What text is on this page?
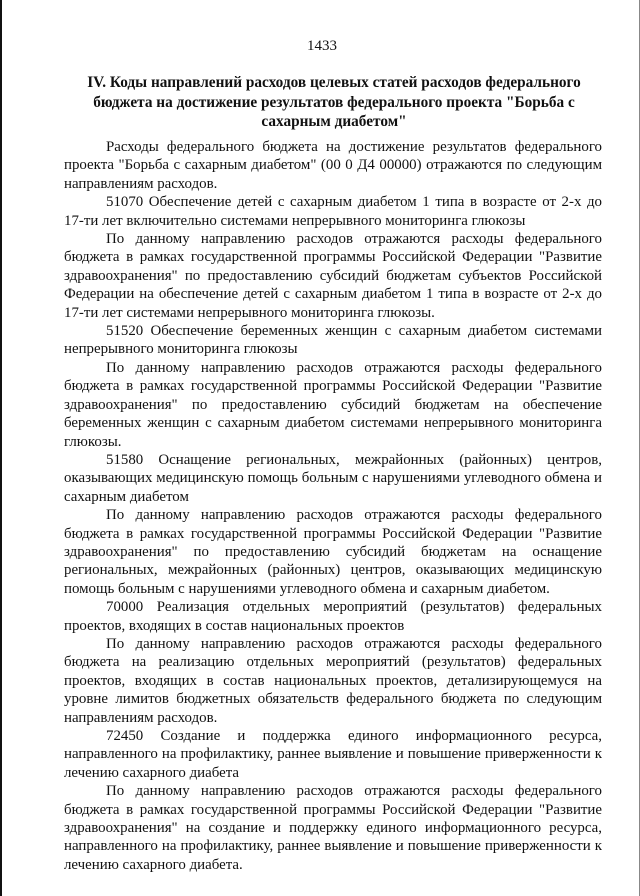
1433
IV. Коды направлений расходов целевых статей расходов федерального бюджета на достижение результатов федерального проекта "Борьба с сахарным диабетом"

Расходы федерального бюджета на достижение результатов федерального проекта "Борьба с сахарным диабетом" (00 0 Д4 00000) отражаются по следующим направлениям расходов.

51070 Обеспечение детей с сахарным диабетом 1 типа в возрасте от 2-х до 17-ти лет включительно системами непрерывного мониторинга глюкозы

По данному направлению расходов отражаются расходы федерального бюджета в рамках государственной программы Российской Федерации "Развитие здравоохранения" по предоставлению субсидий бюджетам субъектов Российской Федерации на обеспечение детей с сахарным диабетом 1 типа в возрасте от 2-х до 17-ти лет системами непрерывного мониторинга глюкозы.

51520 Обеспечение беременных женщин с сахарным диабетом системами непрерывного мониторинга глюкозы

По данному направлению расходов отражаются расходы федерального бюджета в рамках государственной программы Российской Федерации "Развитие здравоохранения" по предоставлению субсидий бюджетам на обеспечение беременных женщин с сахарным диабетом системами непрерывного мониторинга глюкозы.

51580 Оснащение региональных, межрайонных (районных) центров, оказывающих медицинскую помощь больным с нарушениями углеводного обмена и сахарным диабетом

По данному направлению расходов отражаются расходы федерального бюджета в рамках государственной программы Российской Федерации "Развитие здравоохранения" по предоставлению субсидий бюджетам на оснащение региональных, межрайонных (районных) центров, оказывающих медицинскую помощь больным с нарушениями углеводного обмена и сахарным диабетом.

70000 Реализация отдельных мероприятий (результатов) федеральных проектов, входящих в состав национальных проектов

По данному направлению расходов отражаются расходы федерального бюджета на реализацию отдельных мероприятий (результатов) федеральных проектов, входящих в состав национальных проектов, детализирующемуся на уровне лимитов бюджетных обязательств федерального бюджета по следующим направлениям расходов.

72450 Создание и поддержка единого информационного ресурса, направленного на профилактику, раннее выявление и повышение приверженности к лечению сахарного диабета

По данному направлению расходов отражаются расходы федерального бюджета в рамках государственной программы Российской Федерации "Развитие здравоохранения" на создание и поддержку единого информационного ресурса, направленного на профилактику, раннее выявление и повышение приверженности к лечению сахарного диабета.
